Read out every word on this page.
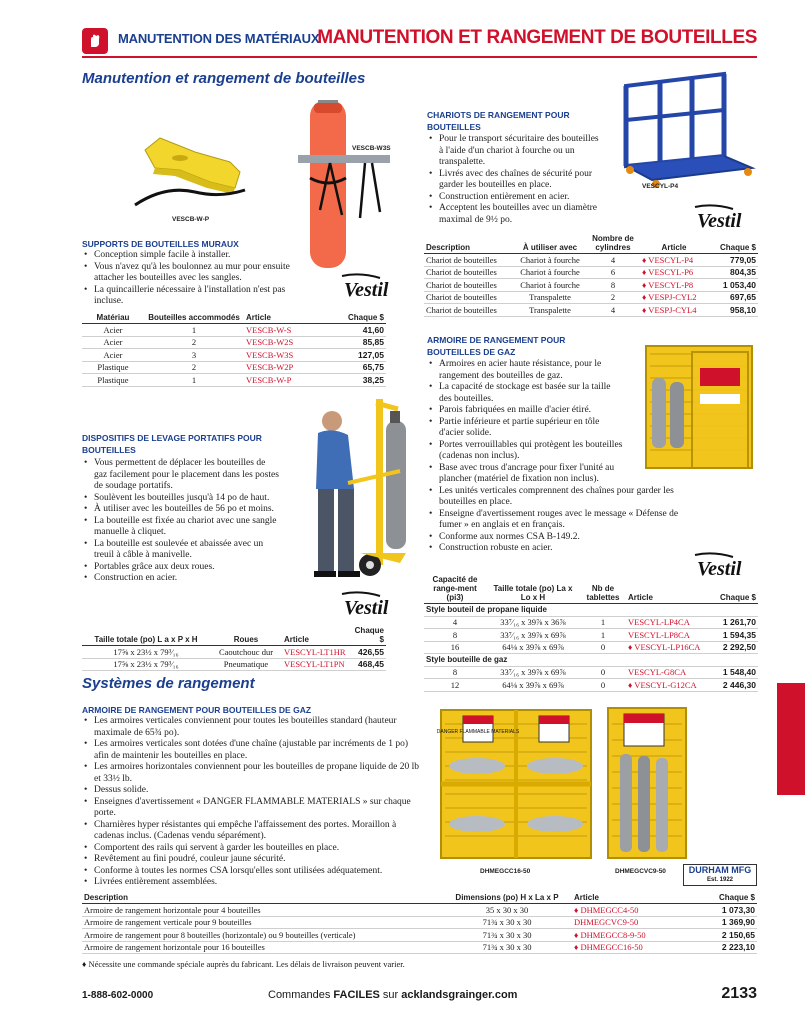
MANUTENTION DES MATÉRIAUX
MANUTENTION ET RANGEMENT DE BOUTEILLES
Manutention et rangement de bouteilles
VESCB-W-P
VESCB-W3S
SUPPORTS DE BOUTEILLES MURAUX
• Conception simple facile à installer.
• Vous n'avez qu'à les boulonnez au mur pour ensuite attacher les bouteilles avec les sangles.
• La quincaillerie nécessaire à l'installation n'est pas incluse.	Vestil
Matériau	Bouteilles accommodés	Article	Chaque $
Acier	1	VESCB-W-S	41,60
Acier	2	VESCB-W2S	85,85
Acier	3	VESCB-W3S	127,05
Plastique	2	VESCB-W2P	65,75
Plastique	1	VESCB-W-P	38,25
DISPOSITIFS DE LEVAGE PORTATIFS POUR BOUTEILLES
• Vous permettent de déplacer les bouteilles de gaz facilement pour le placement dans les postes de soudage portatifs.
• Soulèvent les bouteilles jusqu'à 14 po de haut.
• À utiliser avec les bouteilles de 56 po et moins.
• La bouteille est fixée au chariot avec une sangle manuelle à cliquet.
• La bouteille est soulevée et abaissée avec un treuil à câble à manivelle.
• Portables grâce aux deux roues.
• Construction en acier.
Vestil
Taille totale (po) L a x P x H	Roues	Article	Chaque $
17⅝ x 23½ x 79³⁄₁₆	Caoutchouc dur	VESCYL-LT1HR	426,55
17⅝ x 23½ x 79³⁄₁₆	Pneumatique	VESCYL-LT1PN	468,45
CHARIOTS DE RANGEMENT POUR BOUTEILLES
• Pour le transport sécuritaire des bouteilles à l'aide d'un chariot à fourche ou un transpalette.
• Livrés avec des chaînes de sécurité pour garder les bouteilles en place.
• Construction entièrement en acier.
• Acceptent les bouteilles avec un diamètre maximal de 9½ po.
VESCYL-P4
Vestil
Description	À utiliser avec	Nombre de cylindres	Article	Chaque $
Chariot de bouteilles	Chariot à fourche	4	♦ VESCYL-P4	779,05
Chariot de bouteilles	Chariot à fourche	6	♦ VESCYL-P6	804,35
Chariot de bouteilles	Chariot à fourche	8	♦ VESCYL-P8	1 053,40
Chariot de bouteilles	Transpalette	2	♦ VESPJ-CYL2	697,65
Chariot de bouteilles	Transpalette	4	♦ VESPJ-CYL4	958,10
ARMOIRE DE RANGEMENT POUR BOUTEILLES DE GAZ
• Armoires en acier haute résistance, pour le rangement des bouteilles de gaz.
• La capacité de stockage est basée sur la taille des bouteilles.
• Parois fabriquées en maille d'acier étiré.
• Partie inférieure et partie supérieur en tôle d'acier solide.
• Portes verrouillables qui protègent les bouteilles (cadenas non inclus).
• Base avec trous d'ancrage pour fixer l'unité au plancher (matériel de fixation non inclus).
• Les unités verticales comprennent des chaînes pour garder les bouteilles en place.
• Enseigne d'avertissement rouges avec le message « Défense de fumer » en anglais et en français.
• Conforme aux normes CSA B-149.2.
• Construction robuste en acier.
Vestil
Capacité de range-ment (pi3)	Taille totale (po) La x Lo x H	Nb de tablettes	Article	Chaque $
Style bouteil de propane liquide				
4	33⁷⁄₁₆ x 39⅞ x 36⅞	1	VESCYL-LP4CA	1 261,70
8	33⁷⁄₁₆ x 39⅞ x 69⅞	1	VESCYL-LP8CA	1 594,35
16	64⅛ x 39⅞ x 69⅞	0	♦ VESCYL-LP16CA	2 292,50
Style bouteille de gaz				
8	33⁷⁄₁₆ x 39⅞ x 69⅞	0	VESCYL-G8CA	1 548,40
12	64⅛ x 39⅞ x 69⅞	0	♦ VESCYL-G12CA	2 446,30
Systèmes de rangement
ARMOIRE DE RANGEMENT POUR BOUTEILLES DE GAZ
• Les armoires verticales conviennent pour toutes les bouteilles standard (hauteur maximale de 65¾ po).
• Les armoires verticales sont dotées d'une chaîne (ajustable par incréments de 1 po) afin de maintenir les bouteilles en place.
• Les armoires horizontales conviennent pour les bouteilles de propane liquide de 20 lb et 33½ lb.
• Dessus solide.
• Enseignes d'avertissement « DANGER FLAMMABLE MATERIALS » sur chaque porte.
• Charnières hyper résistantes qui empêche l'affaissement des portes. Moraillon à cadenas inclus. (Cadenas vendu séparément).
• Comportent des rails qui servent à garder les bouteilles en place.
• Revêtement au fini poudré, couleur jaune sécurité.
• Conforme à toutes les normes CSA lorsqu'elles sont utilisées adéquatement.
• Livrées entièrement assemblées.
DANGER FLAMMABLE MATERIALS
DHMEGCC16-50	DHMEGCVC9-50	DURHAM MFG
Est. 1922
Description	Dimensions (po) H x La x P	Article	Chaque $
Armoire de rangement horizontale pour 4 bouteilles	35 x 30 x 30	♦ DHMEGCC4-50	1 073,30
Armoire de rangement verticale pour 9 bouteilles	71¾ x 30 x 30	DHMEGCVC9-50	1 369,90
Armoire de rangement pour 8 bouteilles (horizontale) ou 9 bouteilles (verticale)	71¾ x 30 x 30	♦ DHMEGCC8-9-50	2 150,65
Armoire de rangement horizontale pour 16 bouteilles	71¾ x 30 x 30	♦ DHMEGCC16-50	2 223,10
♦ Nécessite une commande spéciale auprès du fabricant. Les délais de livraison peuvent varier.
1-888-602-0000	Commandes FACILES sur acklandsgrainger.com	2133
